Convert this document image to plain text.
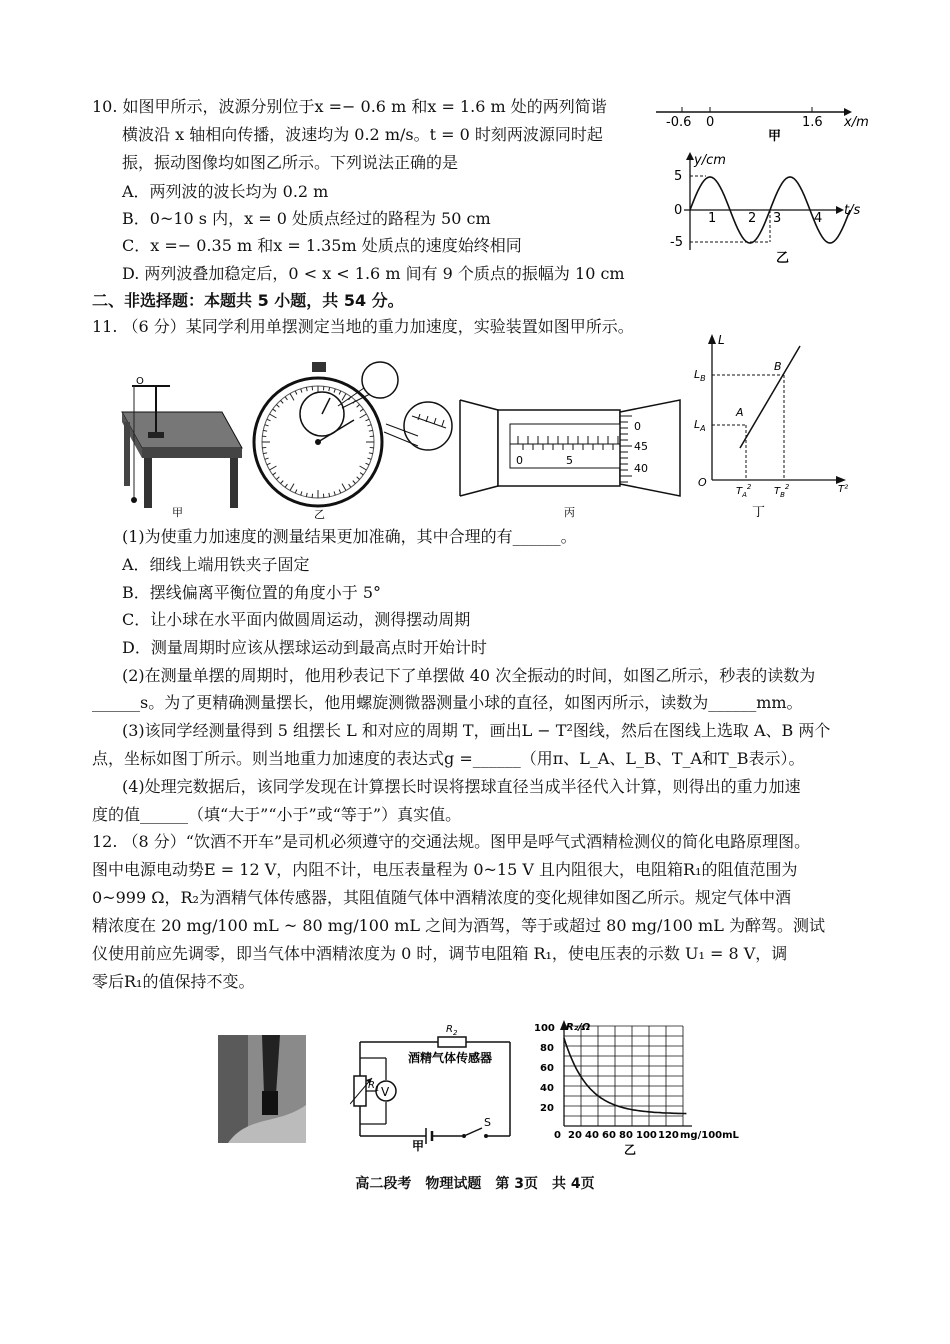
10. 如图甲所示，波源分别位于x =− 0.6 m 和x = 1.6 m 处的两列简谐
横波沿 x 轴相向传播，波速均为 0.2 m/s。t = 0 时刻两波源同时起
振，振动图像均如图乙所示。下列说法正确的是
A．两列波的波长均为 0.2 m
B．0~10 s 内，x = 0 处质点经过的路程为 50 cm
C．x =− 0.35 m 和x = 1.35m 处质点的速度始终相同
D. 两列波叠加稳定后，0 < x < 1.6 m 间有 9 个质点的振幅为 10 cm
-0.6 0	1.6 x/m
甲
y/cm
5
0
-5
1 2 3	4
t/s
乙
二、非选择题：本题共 5 小题，共 54 分。
11. （6 分）某同学利用单摆测定当地的重力加速度，实验装置如图甲所示。
O
甲	乙
0	5
0
45
40
丙
L
$L_B$
$L_A$
A
B
O
$T_A^2$ $T_B^2$	T²
丁
(1)为使重力加速度的测量结果更加准确，其中合理的有______。
A．细线上端用铁夹子固定
B．摆线偏离平衡位置的角度小于 5°
C．让小球在水平面内做圆周运动，测得摆动周期
D．测量周期时应该从摆球运动到最高点时开始计时
(2)在测量单摆的周期时，他用秒表记下了单摆做 40 次全振动的时间，如图乙所示，秒表的读数为
______s。为了更精确测量摆长，他用螺旋测微器测量小球的直径，如图丙所示，读数为______mm。
(3)该同学经测量得到 5 组摆长 L 和对应的周期 T，画出L − T²图线，然后在图线上选取 A、B 两个
点，坐标如图丁所示。则当地重力加速度的表达式g =______（用π、L_A、L_B、T_A和T_B表示）。
(4)处理完数据后，该同学发现在计算摆长时误将摆球直径当成半径代入计算，则得出的重力加速
度的值______（填“大于”“小于”或“等于”）真实值。
12. （8 分）“饮酒不开车”是司机必须遵守的交通法规。图甲是呼气式酒精检测仪的简化电路原理图。
图中电源电动势E = 12 V，内阻不计，电压表量程为 0~15 V 且内阻很大，电阻箱R₁的阻值范围为
0~999 Ω，R₂为酒精气体传感器，其阻值随气体中酒精浓度的变化规律如图乙所示。规定气体中酒
精浓度在 20 mg/100 mL ~ 80 mg/100 mL 之间为酒驾，等于或超过 80 mg/100 mL 为醉驾。测试
仪使用前应先调零，即当气体中酒精浓度为 0 时，调节电阻箱 R₁，使电压表的示数 U₁ = 8 V，调
零后R₁的值保持不变。
V
$R_2$
酒精气体传感器
$R_1$
S
甲
R₂/Ω
100
80
60
40
20
0 20 40 60 80 100 120 mg/100mL
乙
高二段考　物理试题　第 3页　共 4页
